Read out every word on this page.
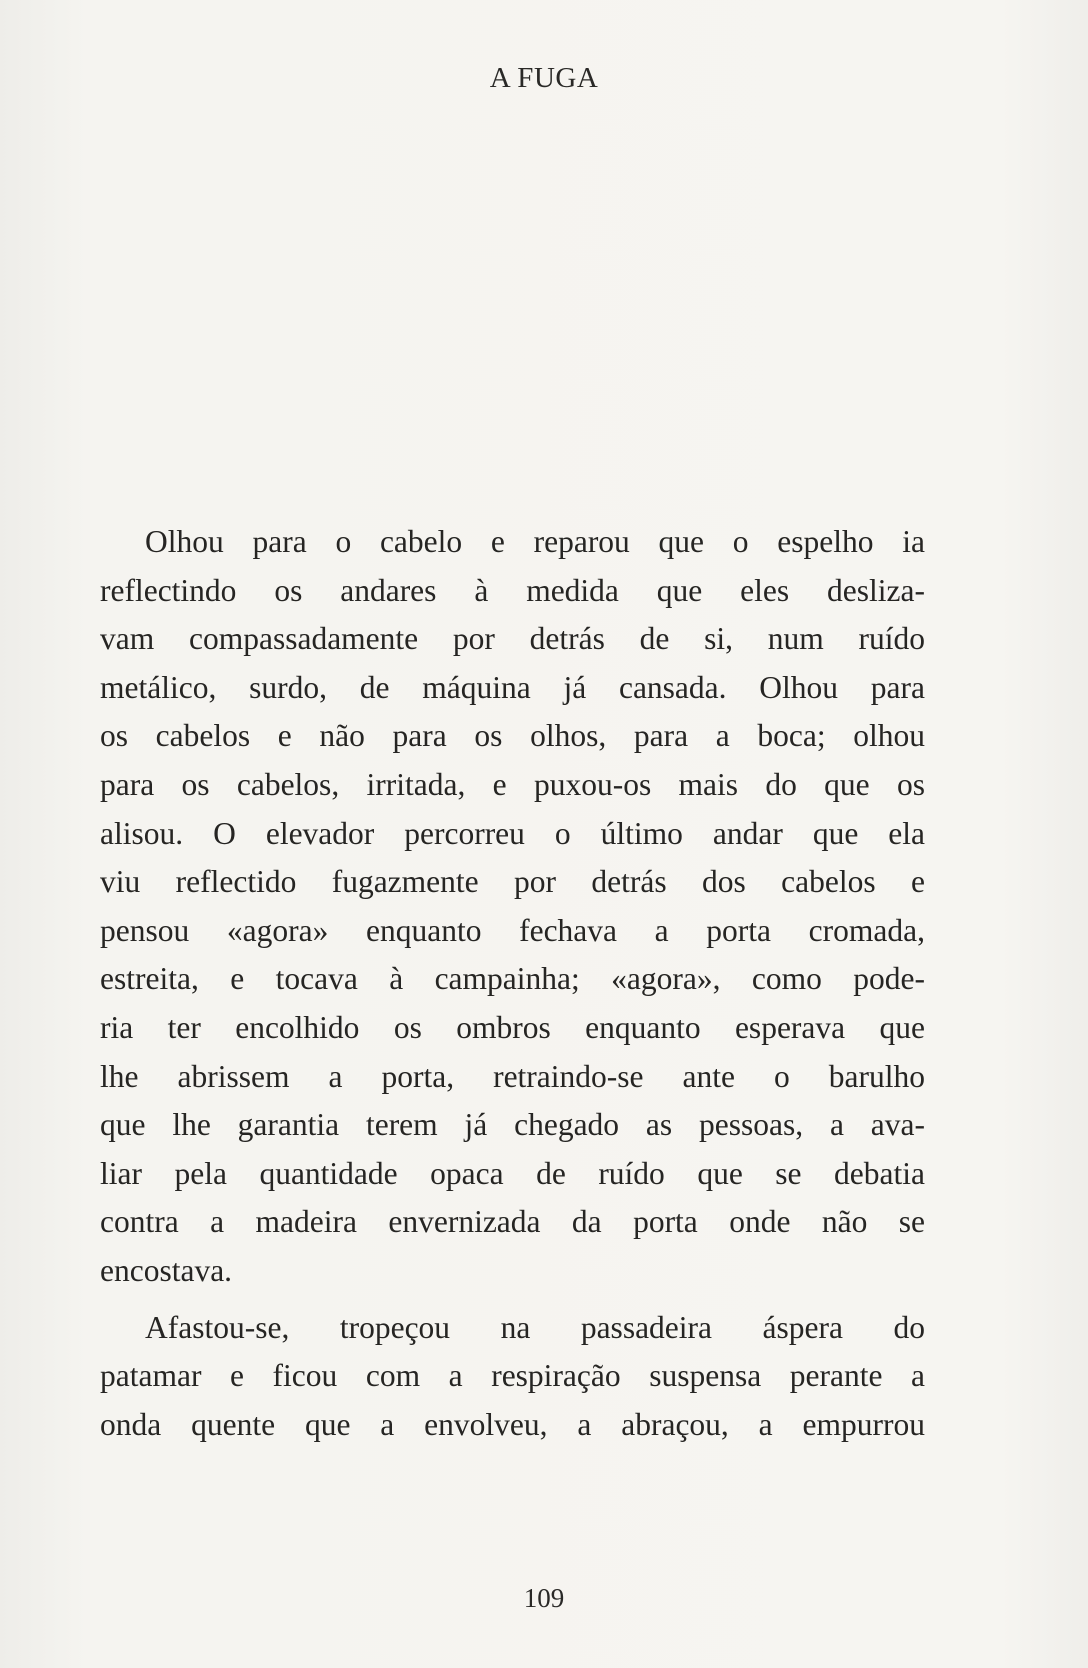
A FUGA
Olhou para o cabelo e reparou que o espelho ia
reflectindo os andares à medida que eles desliza-
vam compassadamente por detrás de si, num ruído
metálico, surdo, de máquina já cansada. Olhou para
os cabelos e não para os olhos, para a boca; olhou
para os cabelos, irritada, e puxou-os mais do que os
alisou. O elevador percorreu o último andar que ela
viu reflectido fugazmente por detrás dos cabelos e
pensou «agora» enquanto fechava a porta cromada,
estreita, e tocava à campainha; «agora», como pode-
ria ter encolhido os ombros enquanto esperava que
lhe abrissem a porta, retraindo-se ante o barulho
que lhe garantia terem já chegado as pessoas, a ava-
liar pela quantidade opaca de ruído que se debatia
contra a madeira envernizada da porta onde não se
encostava.
Afastou-se, tropeçou na passadeira áspera do
patamar e ficou com a respiração suspensa perante a
onda quente que a envolveu, a abraçou, a empurrou
109
